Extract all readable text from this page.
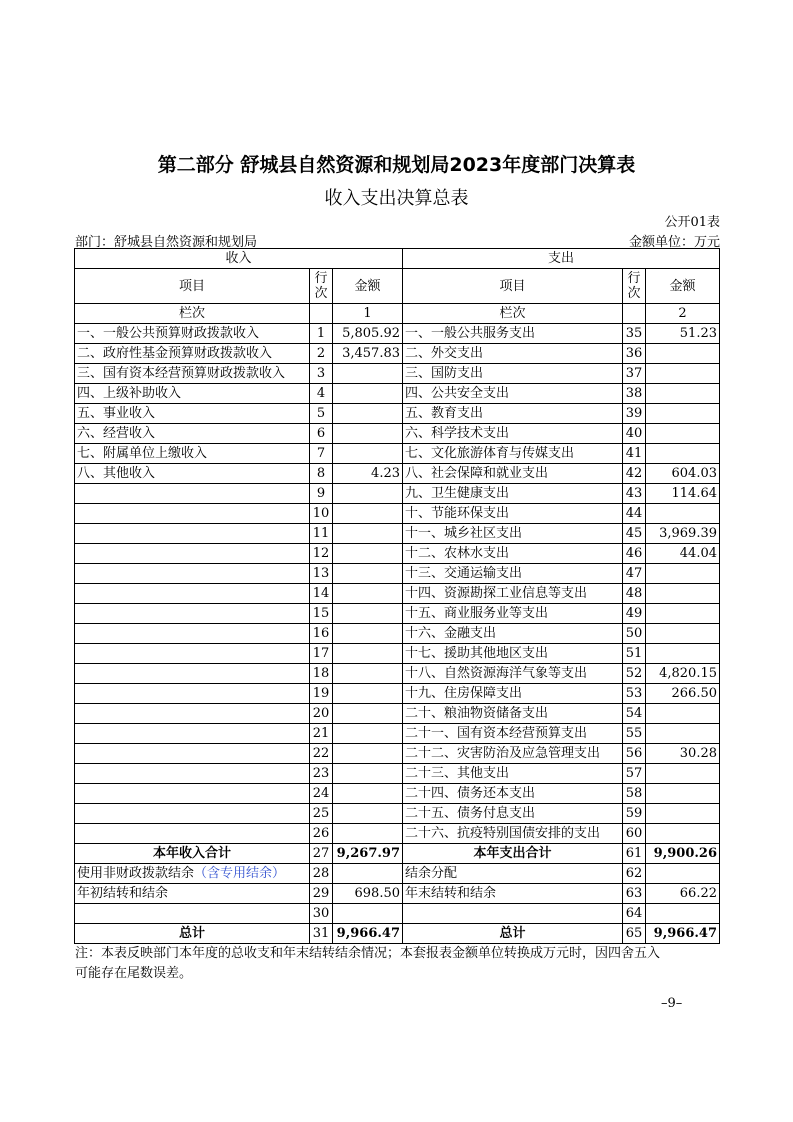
第二部分 舒城县自然资源和规划局2023年度部门决算表
收入支出决算总表
公开01表
部门：舒城县自然资源和规划局	金额单位：万元
收入			支出		
项目	行
次	金额	项目	行
次	金额
栏次		1	栏次		2
一、一般公共预算财政拨款收入	1	5,805.92	一、一般公共服务支出	35	51.23
二、政府性基金预算财政拨款收入	2	3,457.83	二、外交支出	36	
三、国有资本经营预算财政拨款收入	3		三、国防支出	37	
四、上级补助收入	4		四、公共安全支出	38	
五、事业收入	5		五、教育支出	39	
六、经营收入	6		六、科学技术支出	40	
七、附属单位上缴收入	7		七、文化旅游体育与传媒支出	41	
八、其他收入	8	4.23	八、社会保障和就业支出	42	604.03
	9		九、卫生健康支出	43	114.64
	10		十、节能环保支出	44	
	11		十一、城乡社区支出	45	3,969.39
	12		十二、农林水支出	46	44.04
	13		十三、交通运输支出	47	
	14		十四、资源勘探工业信息等支出	48	
	15		十五、商业服务业等支出	49	
	16		十六、金融支出	50	
	17		十七、援助其他地区支出	51	
	18		十八、自然资源海洋气象等支出	52	4,820.15
	19		十九、住房保障支出	53	266.50
	20		二十、粮油物资储备支出	54	
	21		二十一、国有资本经营预算支出	55	
	22		二十二、灾害防治及应急管理支出	56	30.28
	23		二十三、其他支出	57	
	24		二十四、债务还本支出	58	
	25		二十五、债务付息支出	59	
	26		二十六、抗疫特别国债安排的支出	60	
本年收入合计	27	9,267.97	本年支出合计	61	9,900.26
使用非财政拨款结余（含专用结余）	28		结余分配	62	
年初结转和结余	29	698.50	年末结转和结余	63	66.22
	30			64	
总计	31	9,966.47	总计	65	9,966.47
注：本表反映部门本年度的总收支和年末结转结余情况；本套报表金额单位转换成万元时，因四舍五入
可能存在尾数误差。
–9–
